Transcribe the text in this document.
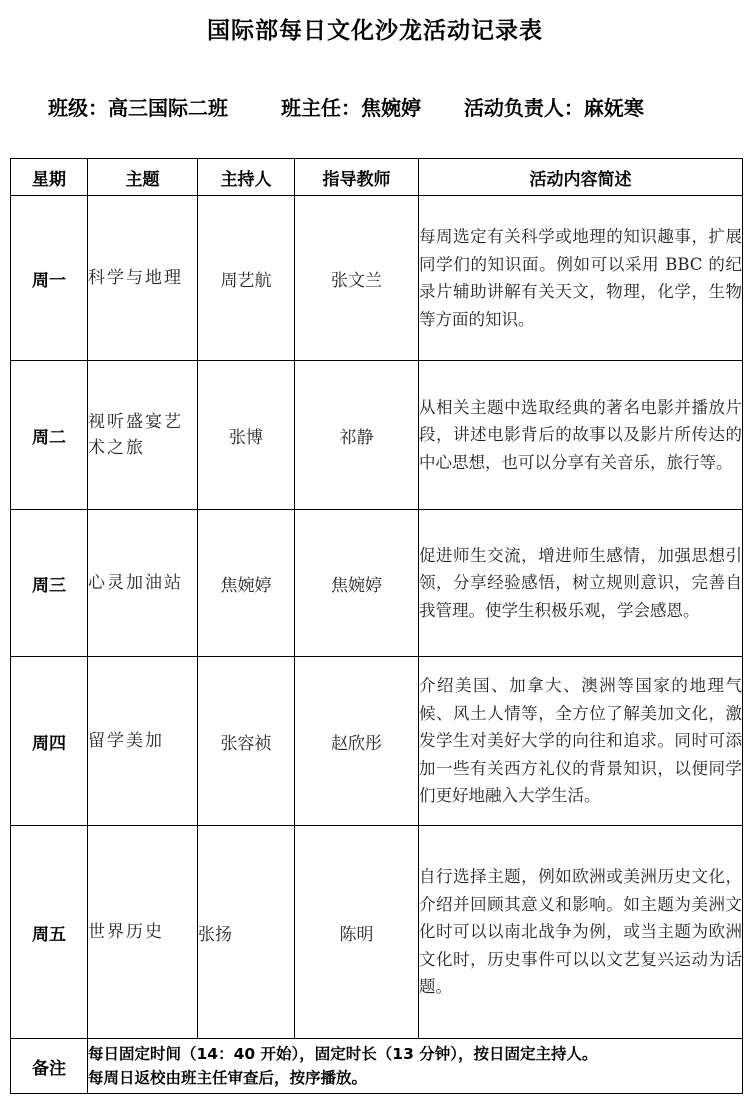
国际部每日文化沙龙活动记录表
班级：高三国际二班	班主任：焦婉婷 活动负责人：麻妩寒
星期	主题	主持人	指导教师	活动内容简述
周一	科学与地理	周艺航	张文兰	每周选定有关科学或地理的知识趣事，扩展同学们的知识面。例如可以采用 BBC 的纪录片辅助讲解有关天文，物理，化学，生物等方面的知识。
周二	视听盛宴艺术之旅	张博	祁静	从相关主题中选取经典的著名电影并播放片段，讲述电影背后的故事以及影片所传达的中心思想，也可以分享有关音乐，旅行等。
周三	心灵加油站	焦婉婷	焦婉婷	促进师生交流，增进师生感情，加强思想引领，分享经验感悟，树立规则意识，完善自我管理。使学生积极乐观，学会感恩。
周四	留学美加	张容祯	赵欣彤	介绍美国、加拿大、澳洲等国家的地理气候、风土人情等，全方位了解美加文化，激发学生对美好大学的向往和追求。同时可添加一些有关西方礼仪的背景知识，以便同学们更好地融入大学生活。
周五	世界历史	张扬	陈明	自行选择主题，例如欧洲或美洲历史文化，介绍并回顾其意义和影响。如主题为美洲文化时可以以南北战争为例，或当主题为欧洲文化时，历史事件可以以文艺复兴运动为话题。
备注	每日固定时间（14：40 开始），固定时长（13 分钟），按日固定主持人。
每周日返校由班主任审查后，按序播放。			
